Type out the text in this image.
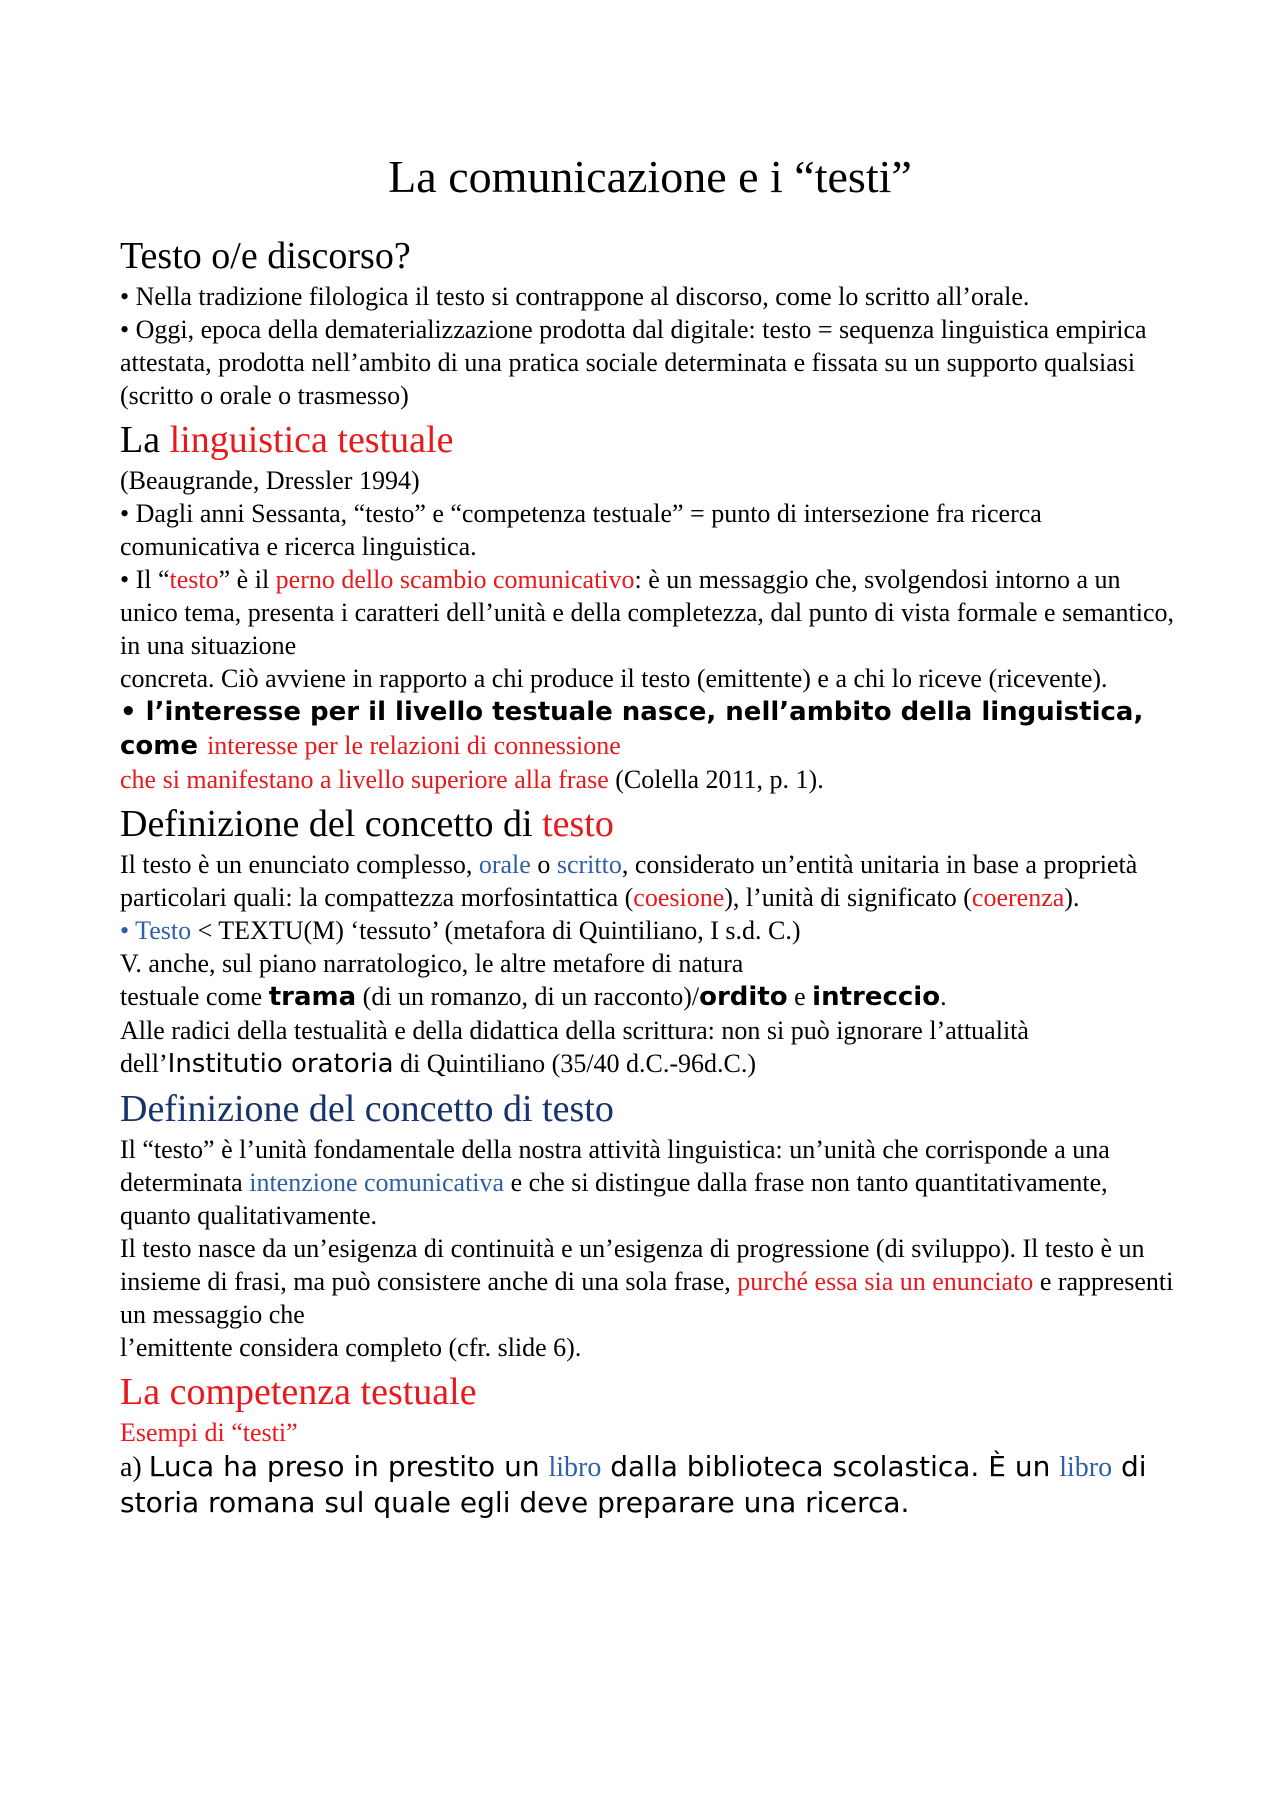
La comunicazione e i “testi”
Testo o/e discorso?

• Nella tradizione filologica il testo si contrappone al discorso, come lo scritto all’orale.

• Oggi, epoca della dematerializzazione prodotta dal digitale: testo = sequenza linguistica empirica attestata, prodotta nell’ambito di una pratica sociale determinata e fissata su un supporto qualsiasi (scritto o orale o trasmesso)

La linguistica testuale

(Beaugrande, Dressler 1994)

• Dagli anni Sessanta, “testo” e “competenza testuale” = punto di intersezione fra ricerca comunicativa e ricerca linguistica.

• Il “testo” è il perno dello scambio comunicativo: è un messaggio che, svolgendosi intorno a un unico tema, presenta i caratteri dell’unità e della completezza, dal punto di vista formale e semantico, in una situazione

concreta. Ciò avviene in rapporto a chi produce il testo (emittente) e a chi lo riceve (ricevente).

• l’interesse per il livello testuale nasce, nell’ambito della linguistica, come interesse per le relazioni di connessione

che si manifestano a livello superiore alla frase (Colella 2011, p. 1).

Definizione del concetto di testo

Il testo è un enunciato complesso, orale o scritto, considerato un’entità unitaria in base a proprietà particolari quali: la compattezza morfosintattica (coesione), l’unità di significato (coerenza).

• Testo < TEXTU(M) ‘tessuto’ (metafora di Quintiliano, I s.d. C.)

V. anche, sul piano narratologico, le altre metafore di natura

testuale come trama (di un romanzo, di un racconto)/ordito e intreccio.

Alle radici della testualità e della didattica della scrittura: non si può ignorare l’attualità dell’Institutio oratoria di Quintiliano (35/40 d.C.-96d.C.)

Definizione del concetto di testo

Il “testo” è l’unità fondamentale della nostra attività linguistica: un’unità che corrisponde a una determinata intenzione comunicativa e che si distingue dalla frase non tanto quantitativamente, quanto qualitativamente.

Il testo nasce da un’esigenza di continuità e un’esigenza di progressione (di sviluppo). Il testo è un insieme di frasi, ma può consistere anche di una sola frase, purché essa sia un enunciato e rappresenti un messaggio che

l’emittente considera completo (cfr. slide 6).

La competenza testuale

Esempi di “testi”

a) Luca ha preso in prestito un libro dalla biblioteca scolastica. È un libro di storia romana sul quale egli deve preparare una ricerca.
